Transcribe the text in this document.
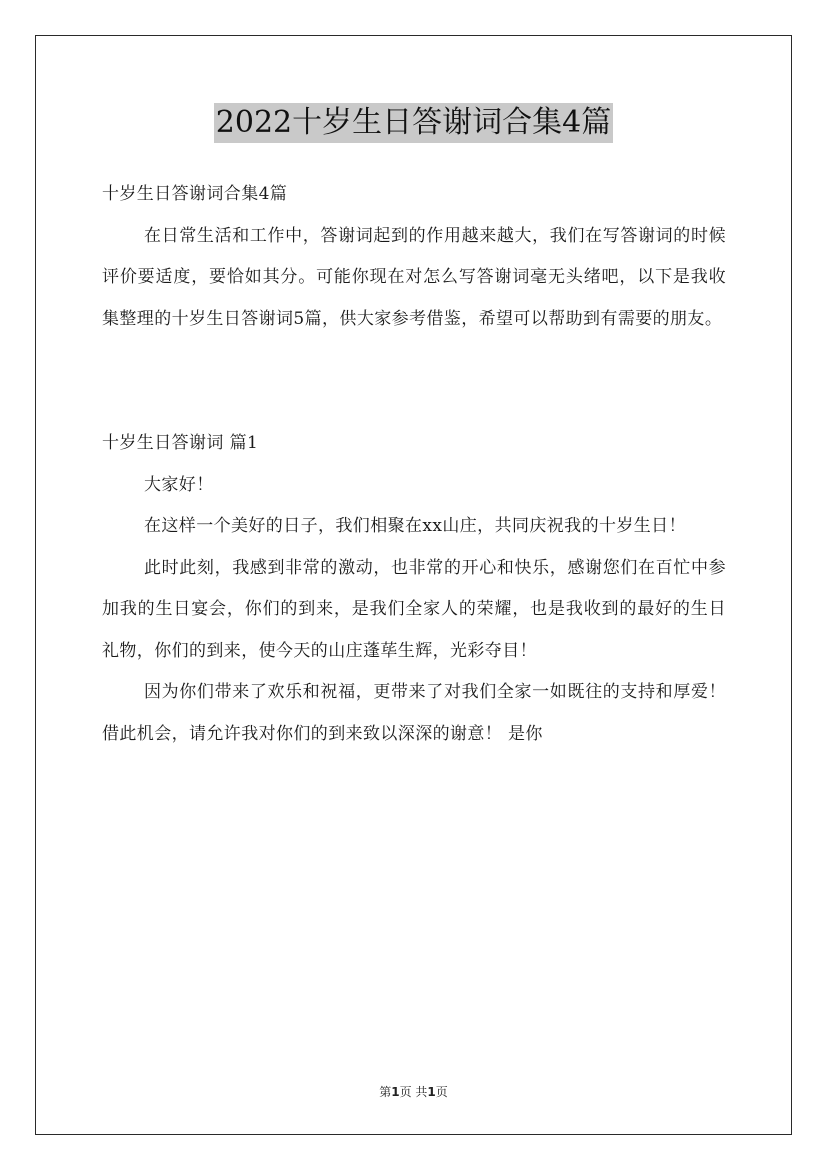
2022十岁生日答谢词合集4篇

十岁生日答谢词合集4篇

在日常生活和工作中，答谢词起到的作用越来越大，我们在写答谢词的时候评价要适度，要恰如其分。可能你现在对怎么写答谢词毫无头绪吧，以下是我收集整理的十岁生日答谢词5篇，供大家参考借鉴，希望可以帮助到有需要的朋友。

十岁生日答谢词 篇1

大家好！

在这样一个美好的日子，我们相聚在xx山庄，共同庆祝我的十岁生日！

此时此刻，我感到非常的激动，也非常的开心和快乐，感谢您们在百忙中参加我的生日宴会，你们的到来，是我们全家人的荣耀，也是我收到的最好的生日礼物，你们的到来，使今天的山庄蓬荜生辉，光彩夺目！

因为你们带来了欢乐和祝福，更带来了对我们全家一如既往的支持和厚爱！借此机会，请允许我对你们的到来致以深深的谢意！ 是你

第1页 共1页
